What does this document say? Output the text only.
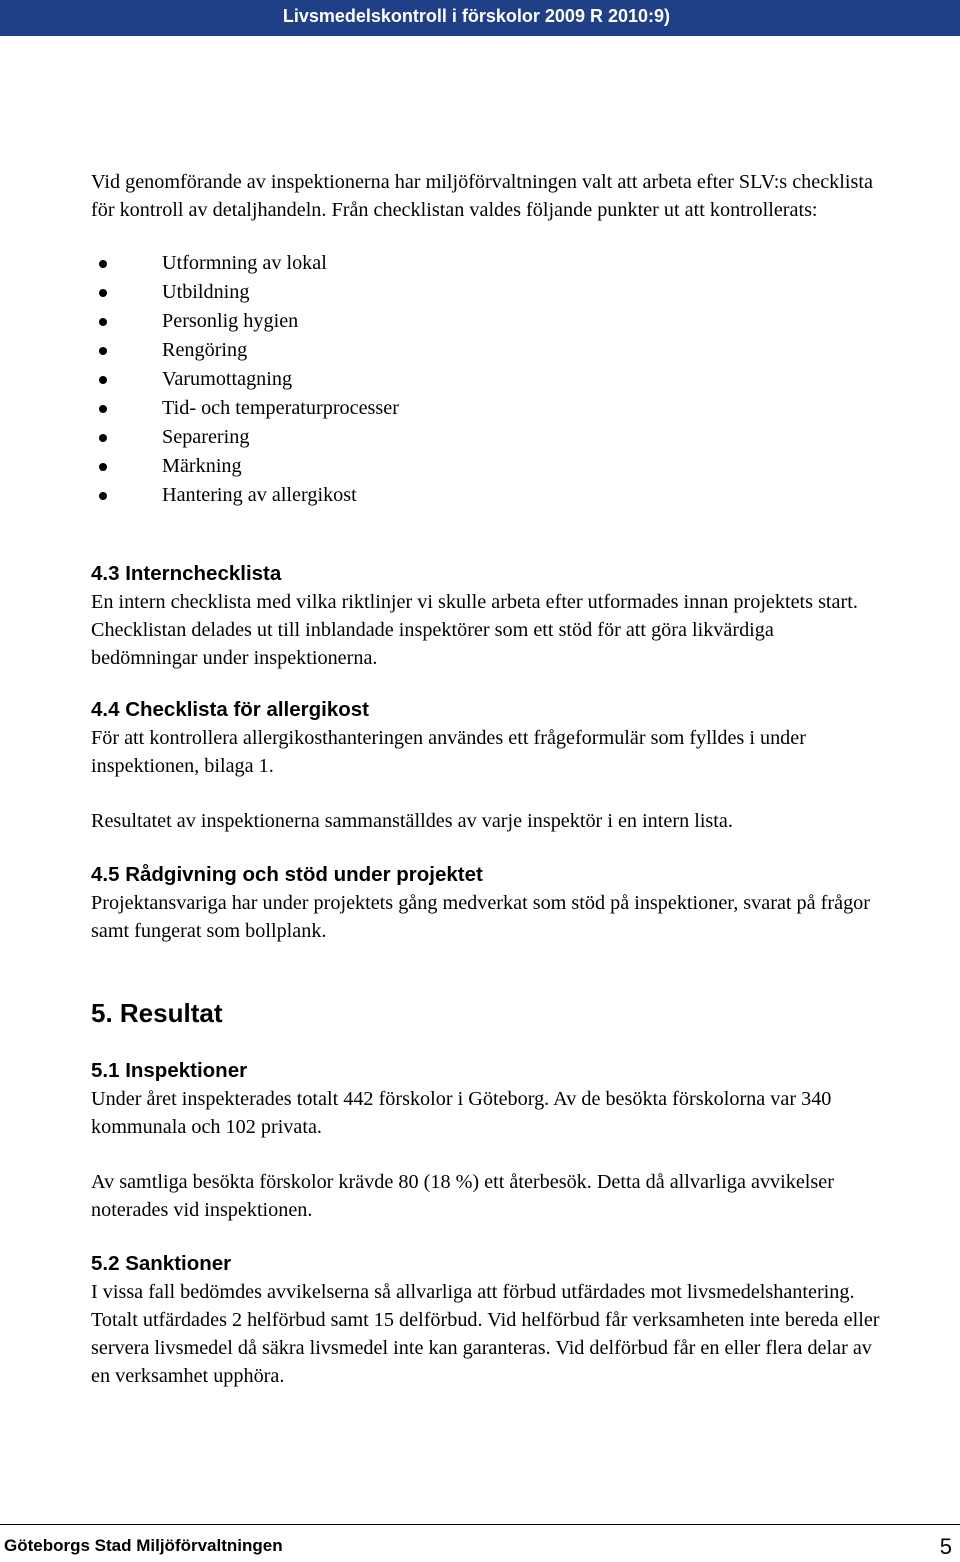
Livsmedelskontroll i förskolor 2009 R 2010:9)

Vid genomförande av inspektionerna har miljöförvaltningen valt att arbeta efter SLV:s checklista för kontroll av detaljhandeln. Från checklistan valdes följande punkter ut att kontrollerats:

Utformning av lokal
Utbildning
Personlig hygien
Rengöring
Varumottagning
Tid- och temperaturprocesser
Separering
Märkning
Hantering av allergikost
4.3 Internchecklista

En intern checklista med vilka riktlinjer vi skulle arbeta efter utformades innan projektets start. Checklistan delades ut till inblandade inspektörer som ett stöd för att göra likvärdiga bedömningar under inspektionerna.

4.4 Checklista för allergikost

För att kontrollera allergikosthanteringen användes ett frågeformulär som fylldes i under inspektionen, bilaga 1.

Resultatet av inspektionerna sammanställdes av varje inspektör i en intern lista.

4.5 Rådgivning och stöd under projektet

Projektansvariga har under projektets gång medverkat som stöd på inspektioner, svarat på frågor samt fungerat som bollplank.

5. Resultat
5.1 Inspektioner

Under året inspekterades totalt 442 förskolor i Göteborg. Av de besökta förskolorna var 340 kommunala och 102 privata.

Av samtliga besökta förskolor krävde 80 (18 %) ett återbesök. Detta då allvarliga avvikelser noterades vid inspektionen.

5.2 Sanktioner

I vissa fall bedömdes avvikelserna så allvarliga att förbud utfärdades mot livsmedelshantering. Totalt utfärdades 2 helförbud samt 15 delförbud. Vid helförbud får verksamheten inte bereda eller servera livsmedel då säkra livsmedel inte kan garanteras. Vid delförbud får en eller flera delar av en verksamhet upphöra.

Göteborgs Stad Miljöförvaltningen	5
